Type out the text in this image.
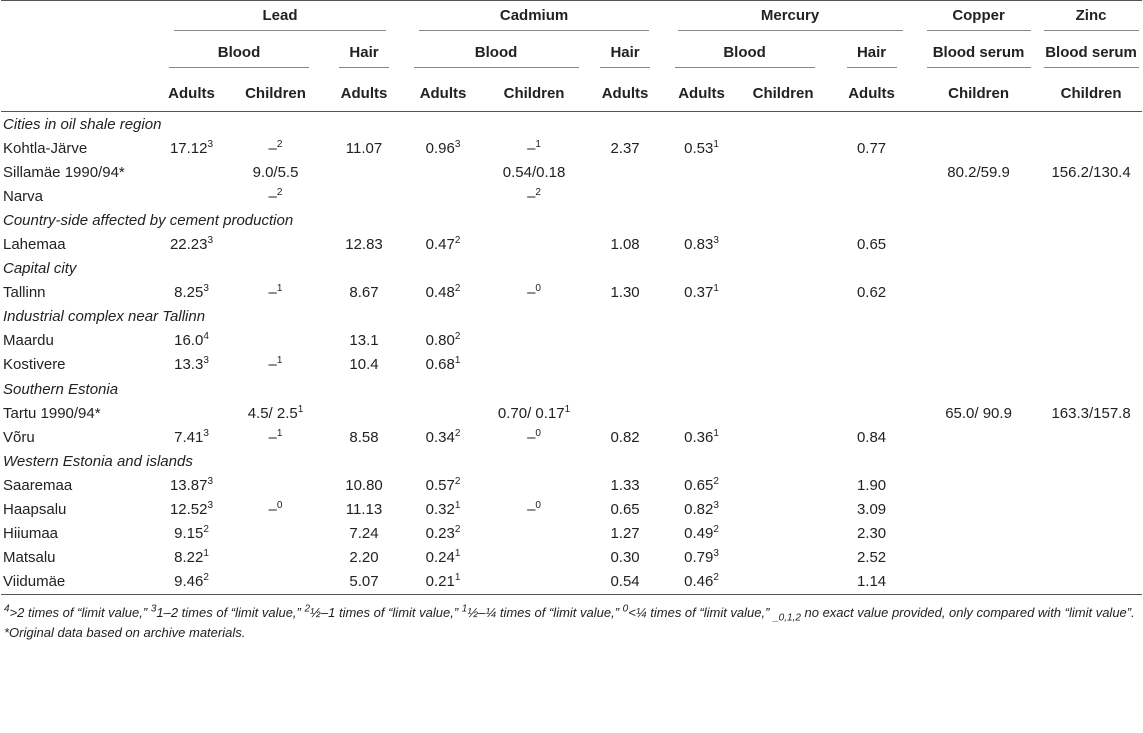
	Lead			Cadmium			Mercury			Copper	Zinc	
	Blood		Hair	Blood		Hair	Blood		Hair	Blood serum	Blood serum	
	Adults	Children	Adults	Adults	Children	Adults	Adults	Children	Adults	Children	Children	
Cities in oil shale region												
Kohtla-Järve	17.12$^3$	–$^2$	11.07	0.96$^3$	–$^1$	2.37	0.53$^1$		0.77			
Sillamäe 1990/94*		9.0/5.5			0.54/0.18					80.2/59.9	156.2/130.4	
Narva		–$^2$			–$^2$							
Country-side affected by cement production												
Lahemaa	22.23$^3$		12.83	0.47$^2$		1.08	0.83$^3$		0.65			
Capital city												
Tallinn	8.25$^3$	–$^1$	8.67	0.48$^2$	–$^0$	1.30	0.37$^1$		0.62			
Industrial complex near Tallinn												
Maardu	16.0$^4$		13.1	0.80$^2$								
Kostivere	13.3$^3$	–$^1$	10.4	0.68$^1$								
Southern Estonia												
Tartu 1990/94*		4.5/ $2.5^1$			0.70/ 0.17$^1$					65.0/ 90.9	163.3/157.8	
Võru	7.41$^3$	–$^1$	8.58	0.34$^2$	–$^0$	0.82	0.36$^1$		0.84			
Western Estonia and islands												
Saaremaa	13.87$^3$		10.80	0.57$^2$		1.33	0.65$^2$		1.90			
Haapsalu	12.52$^3$	–$^0$	11.13	0.32$^1$	–$^0$	0.65	0.82$^3$		3.09			
Hiiumaa	9.15$^2$		7.24	0.23$^2$		1.27	0.49$^2$		2.30			
Matsalu	8.22$^1$		2.20	0.24$^1$		0.30	0.79$^3$		2.52			
Viidumäe	9.46$^2$		5.07	0.21$^1$		0.54	0.46$^2$		1.14			
$^4$>2 times of “limit value,” $^3$1–2 times of “limit value,” $^2$½–1 times of “limit value,” $^1$½–¼ times of “limit value,” $^0$<¼ times of “limit value,” $_{\_0,1,2}$ no exact value provided, only compared with “limit value”.
*Original data based on archive materials.
